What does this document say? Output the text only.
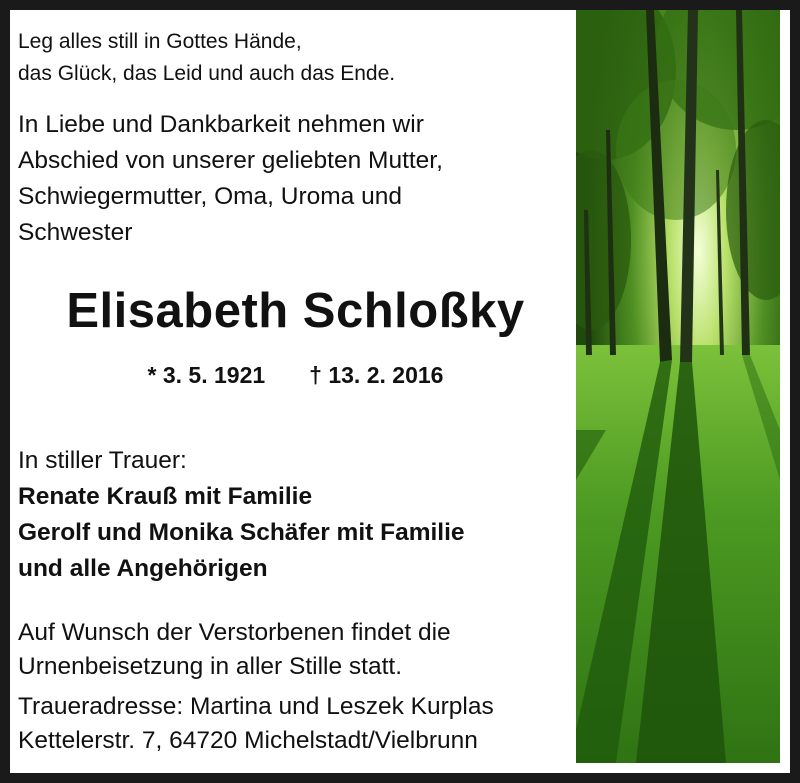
Leg alles still in Gottes Hände,
das Glück, das Leid und auch das Ende.
In Liebe und Dankbarkeit nehmen wir
Abschied von unserer geliebten Mutter,
Schwiegermutter, Oma, Uroma und
Schwester
Elisabeth Schloßky
* 3. 5. 1921 † 13. 2. 2016
In stiller Trauer:
Renate Krauß mit Familie
Gerolf und Monika Schäfer mit Familie
und alle Angehörigen
Auf Wunsch der Verstorbenen findet die
Urnenbeisetzung in aller Stille statt.
Traueradresse: Martina und Leszek Kurplas
Kettelerstr. 7, 64720 Michelstadt/Vielbrunn
